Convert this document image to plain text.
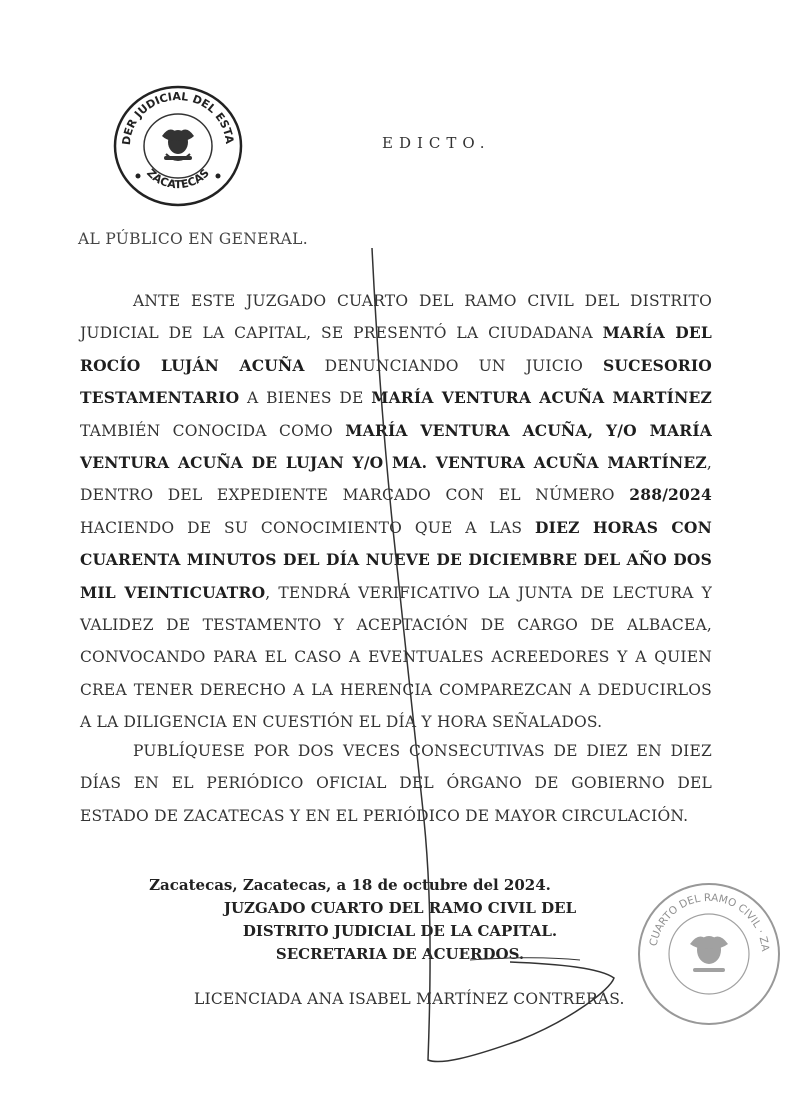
DER JUDICIAL DEL ESTA
ZACATECAS
EDICTO.
AL PÚBLICO EN GENERAL.
ANTE ESTE JUZGADO CUARTO DEL RAMO CIVIL DEL DISTRITO JUDICIAL DE LA CAPITAL, SE PRESENTÓ LA CIUDADANA MARÍA DEL ROCÍO LUJÁN ACUÑA DENUNCIANDO UN JUICIO SUCESORIO TESTAMENTARIO A BIENES DE MARÍA VENTURA ACUÑA MARTÍNEZ TAMBIÉN CONOCIDA COMO MARÍA VENTURA ACUÑA, Y/O MARÍA VENTURA ACUÑA DE LUJAN Y/O MA. VENTURA ACUÑA MARTÍNEZ, DENTRO DEL EXPEDIENTE MARCADO CON EL NÚMERO 288/2024 HACIENDO DE SU CONOCIMIENTO QUE A LAS DIEZ HORAS CON CUARENTA MINUTOS DEL DÍA NUEVE DE DICIEMBRE DEL AÑO DOS MIL VEINTICUATRO, TENDRÁ VERIFICATIVO LA JUNTA DE LECTURA Y VALIDEZ DE TESTAMENTO Y ACEPTACIÓN DE CARGO DE ALBACEA, CONVOCANDO PARA EL CASO A EVENTUALES ACREEDORES Y A QUIEN CREA TENER DERECHO A LA HERENCIA COMPAREZCAN A DEDUCIRLOS A LA DILIGENCIA EN CUESTIÓN EL DÍA Y HORA SEÑALADOS.
PUBLÍQUESE POR DOS VECES CONSECUTIVAS DE DIEZ EN DIEZ DÍAS EN EL PERIÓDICO OFICIAL DEL ÓRGANO DE GOBIERNO DEL ESTADO DE ZACATECAS Y EN EL PERIÓDICO DE MAYOR CIRCULACIÓN.
Zacatecas, Zacatecas, a 18 de octubre del 2024.
JUZGADO CUARTO DEL RAMO CIVIL DEL
DISTRITO JUDICIAL DE LA CAPITAL.
SECRETARIA DE ACUERDOS.
LICENCIADA ANA ISABEL MARTÍNEZ CONTRERAS.
CUARTO DEL RAMO CIVIL · ZA
